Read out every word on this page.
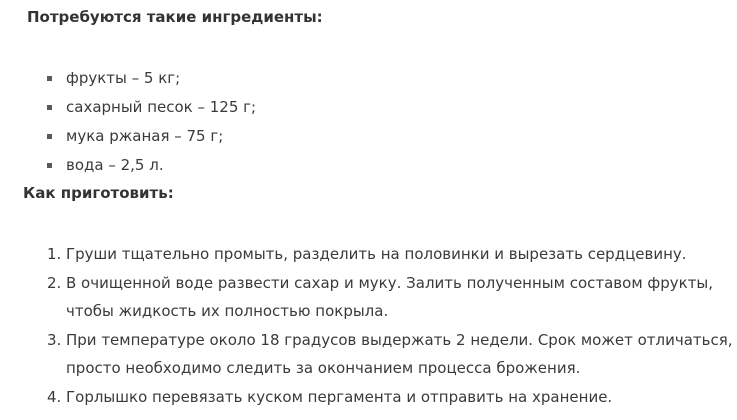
Потребуются такие ингредиенты:
фрукты – 5 кг;
сахарный песок – 125 г;
мука ржаная – 75 г;
вода – 2,5 л.
Как приготовить:
1. Груши тщательно промыть, разделить на половинки и вырезать сердцевину.
2. В очищенной воде развести сахар и муку. Залить полученным составом фрукты,
чтобы жидкость их полностью покрыла.
3. При температуре около 18 градусов выдержать 2 недели. Срок может отличаться,
просто необходимо следить за окончанием процесса брожения.
4. Горлышко перевязать куском пергамента и отправить на хранение.
